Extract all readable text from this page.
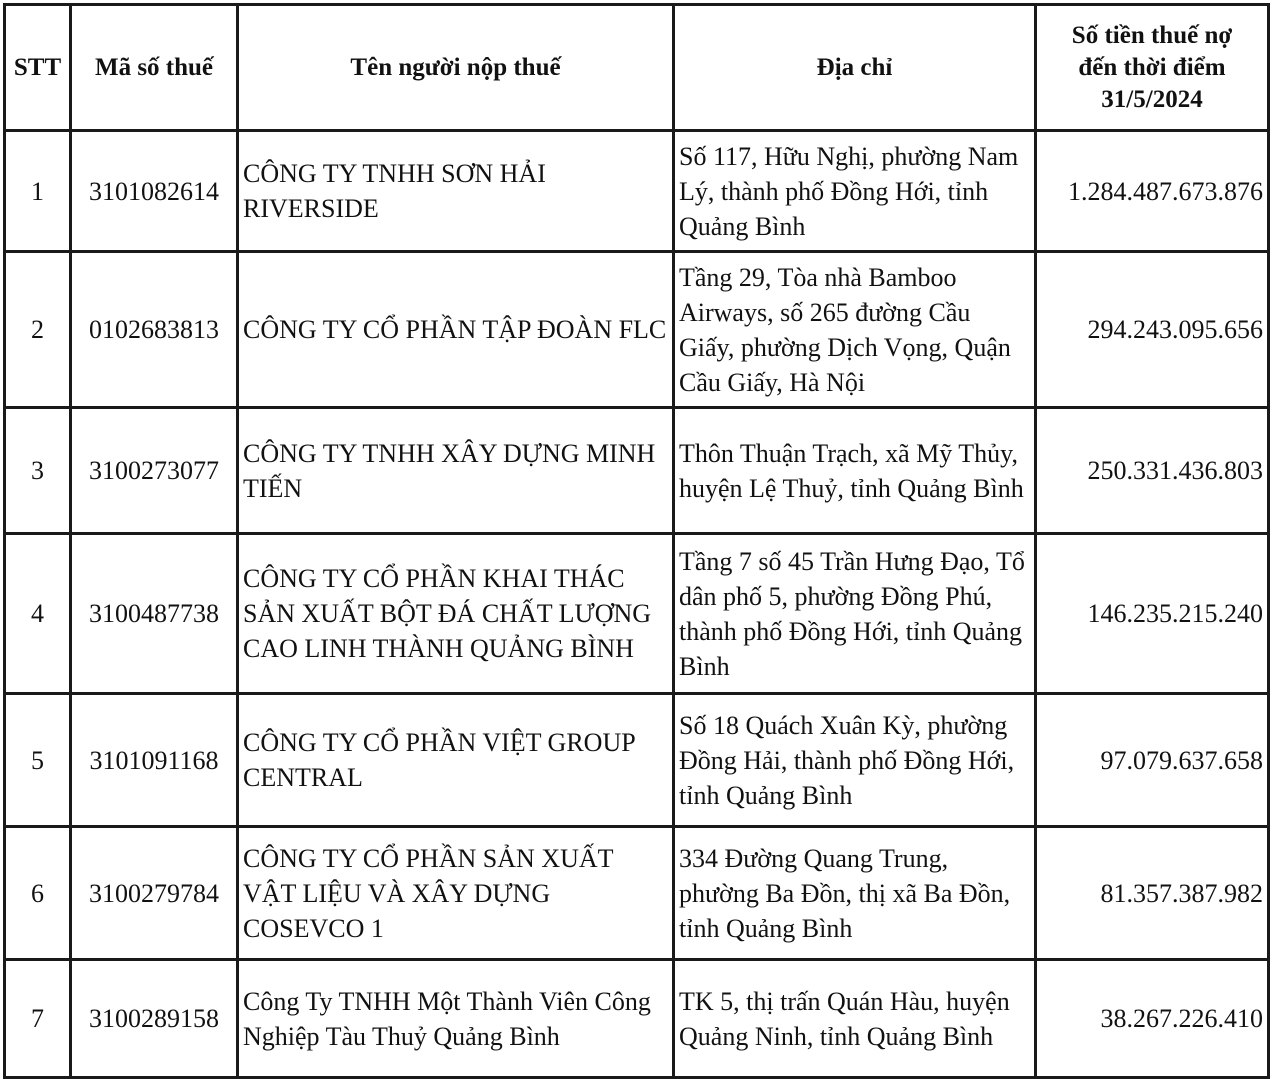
STT	Mã số thuế	Tên người nộp thuế	Địa chỉ	Số tiền thuế nợ đến thời điểm 31/5/2024
1	3101082614	CÔNG TY TNHH SƠN HẢI RIVERSIDE	Số 117, Hữu Nghị, phường Nam Lý, thành phố Đồng Hới, tỉnh Quảng Bình	1.284.487.673.876
2	0102683813	CÔNG TY CỔ PHẦN TẬP ĐOÀN FLC	Tầng 29, Tòa nhà Bamboo Airways, số 265 đường Cầu Giấy, phường Dịch Vọng, Quận Cầu Giấy, Hà Nội	294.243.095.656
3	3100273077	CÔNG TY TNHH XÂY DỰNG MINH TIẾN	Thôn Thuận Trạch, xã Mỹ Thủy, huyện Lệ Thuỷ, tỉnh Quảng Bình	250.331.436.803
4	3100487738	CÔNG TY CỔ PHẦN KHAI THÁC SẢN XUẤT BỘT ĐÁ CHẤT LƯỢNG CAO LINH THÀNH QUẢNG BÌNH	Tầng 7 số 45 Trần Hưng Đạo, Tổ dân phố 5, phường Đồng Phú, thành phố Đồng Hới, tỉnh Quảng Bình	146.235.215.240
5	3101091168	CÔNG TY CỔ PHẦN VIỆT GROUP CENTRAL	Số 18 Quách Xuân Kỳ, phường Đồng Hải, thành phố Đồng Hới, tỉnh Quảng Bình	97.079.637.658
6	3100279784	CÔNG TY CỔ PHẦN SẢN XUẤT VẬT LIỆU VÀ XÂY DỰNG COSEVCO 1	334 Đường Quang Trung, phường Ba Đồn, thị xã Ba Đồn, tỉnh Quảng Bình	81.357.387.982
7	3100289158	Công Ty TNHH Một Thành Viên Công Nghiệp Tàu Thuỷ Quảng Bình	TK 5, thị trấn Quán Hàu, huyện Quảng Ninh, tỉnh Quảng Bình	38.267.226.410
